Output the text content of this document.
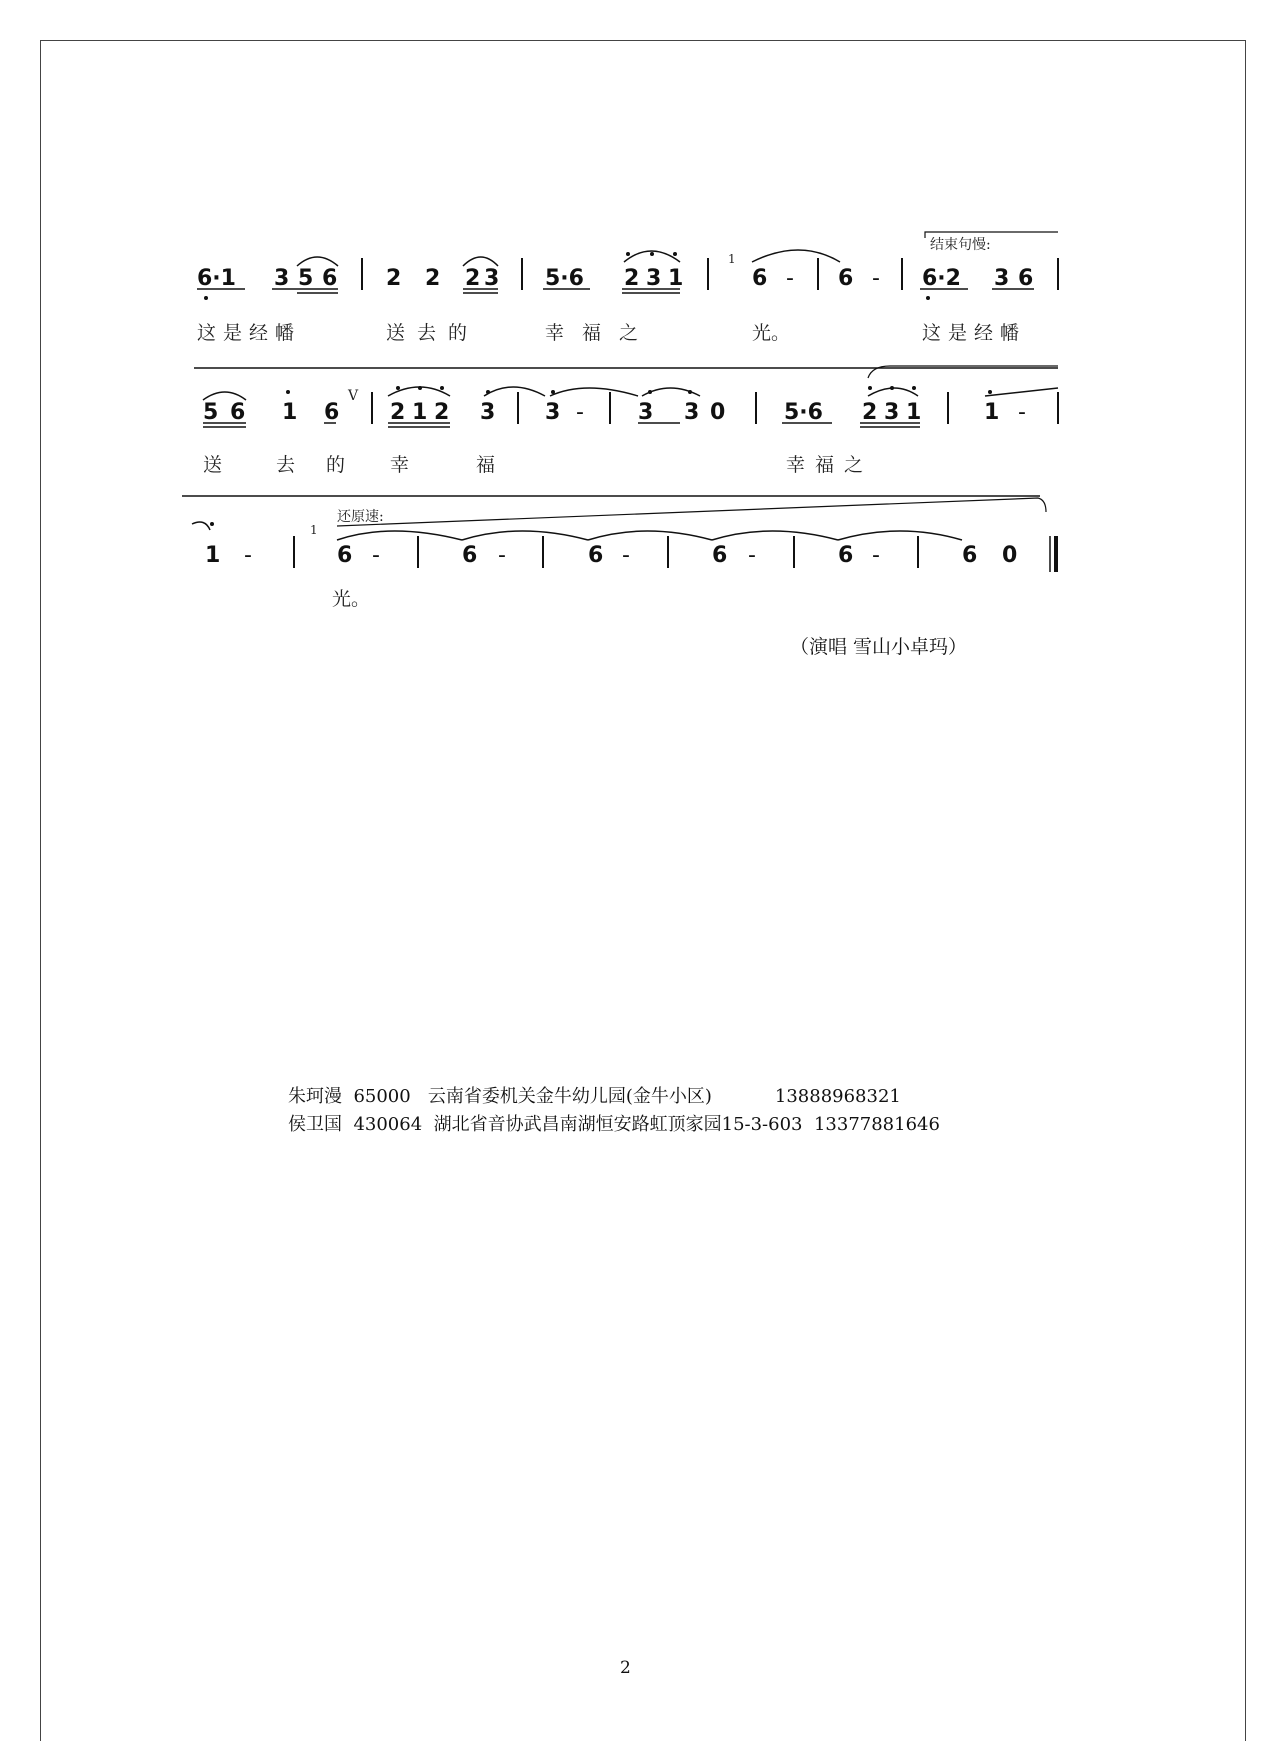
6·1 3 5 6 2 2 2 3 5·6 2 3 1
1
6 - 6 - 6·2 3 6
结束句慢:
这是经幡	送去的	幸福之	光。	这是经幡
5 6 1 6
V
2 1 2 3 3 - 3 3 0	5·6 2 3 1	1 -
送	去 的 幸	福	幸福之
1 -
1
6 -	6 -	6 -	6 -	6 -	6 0
还原速:
光。
（演唱 雪山小卓玛）
朱珂漫 65000 云南省委机关金牛幼儿园(金牛小区)	13888968321
侯卫国 430064 湖北省音协武昌南湖恒安路虹顶家园15-3-603 13377881646
2
